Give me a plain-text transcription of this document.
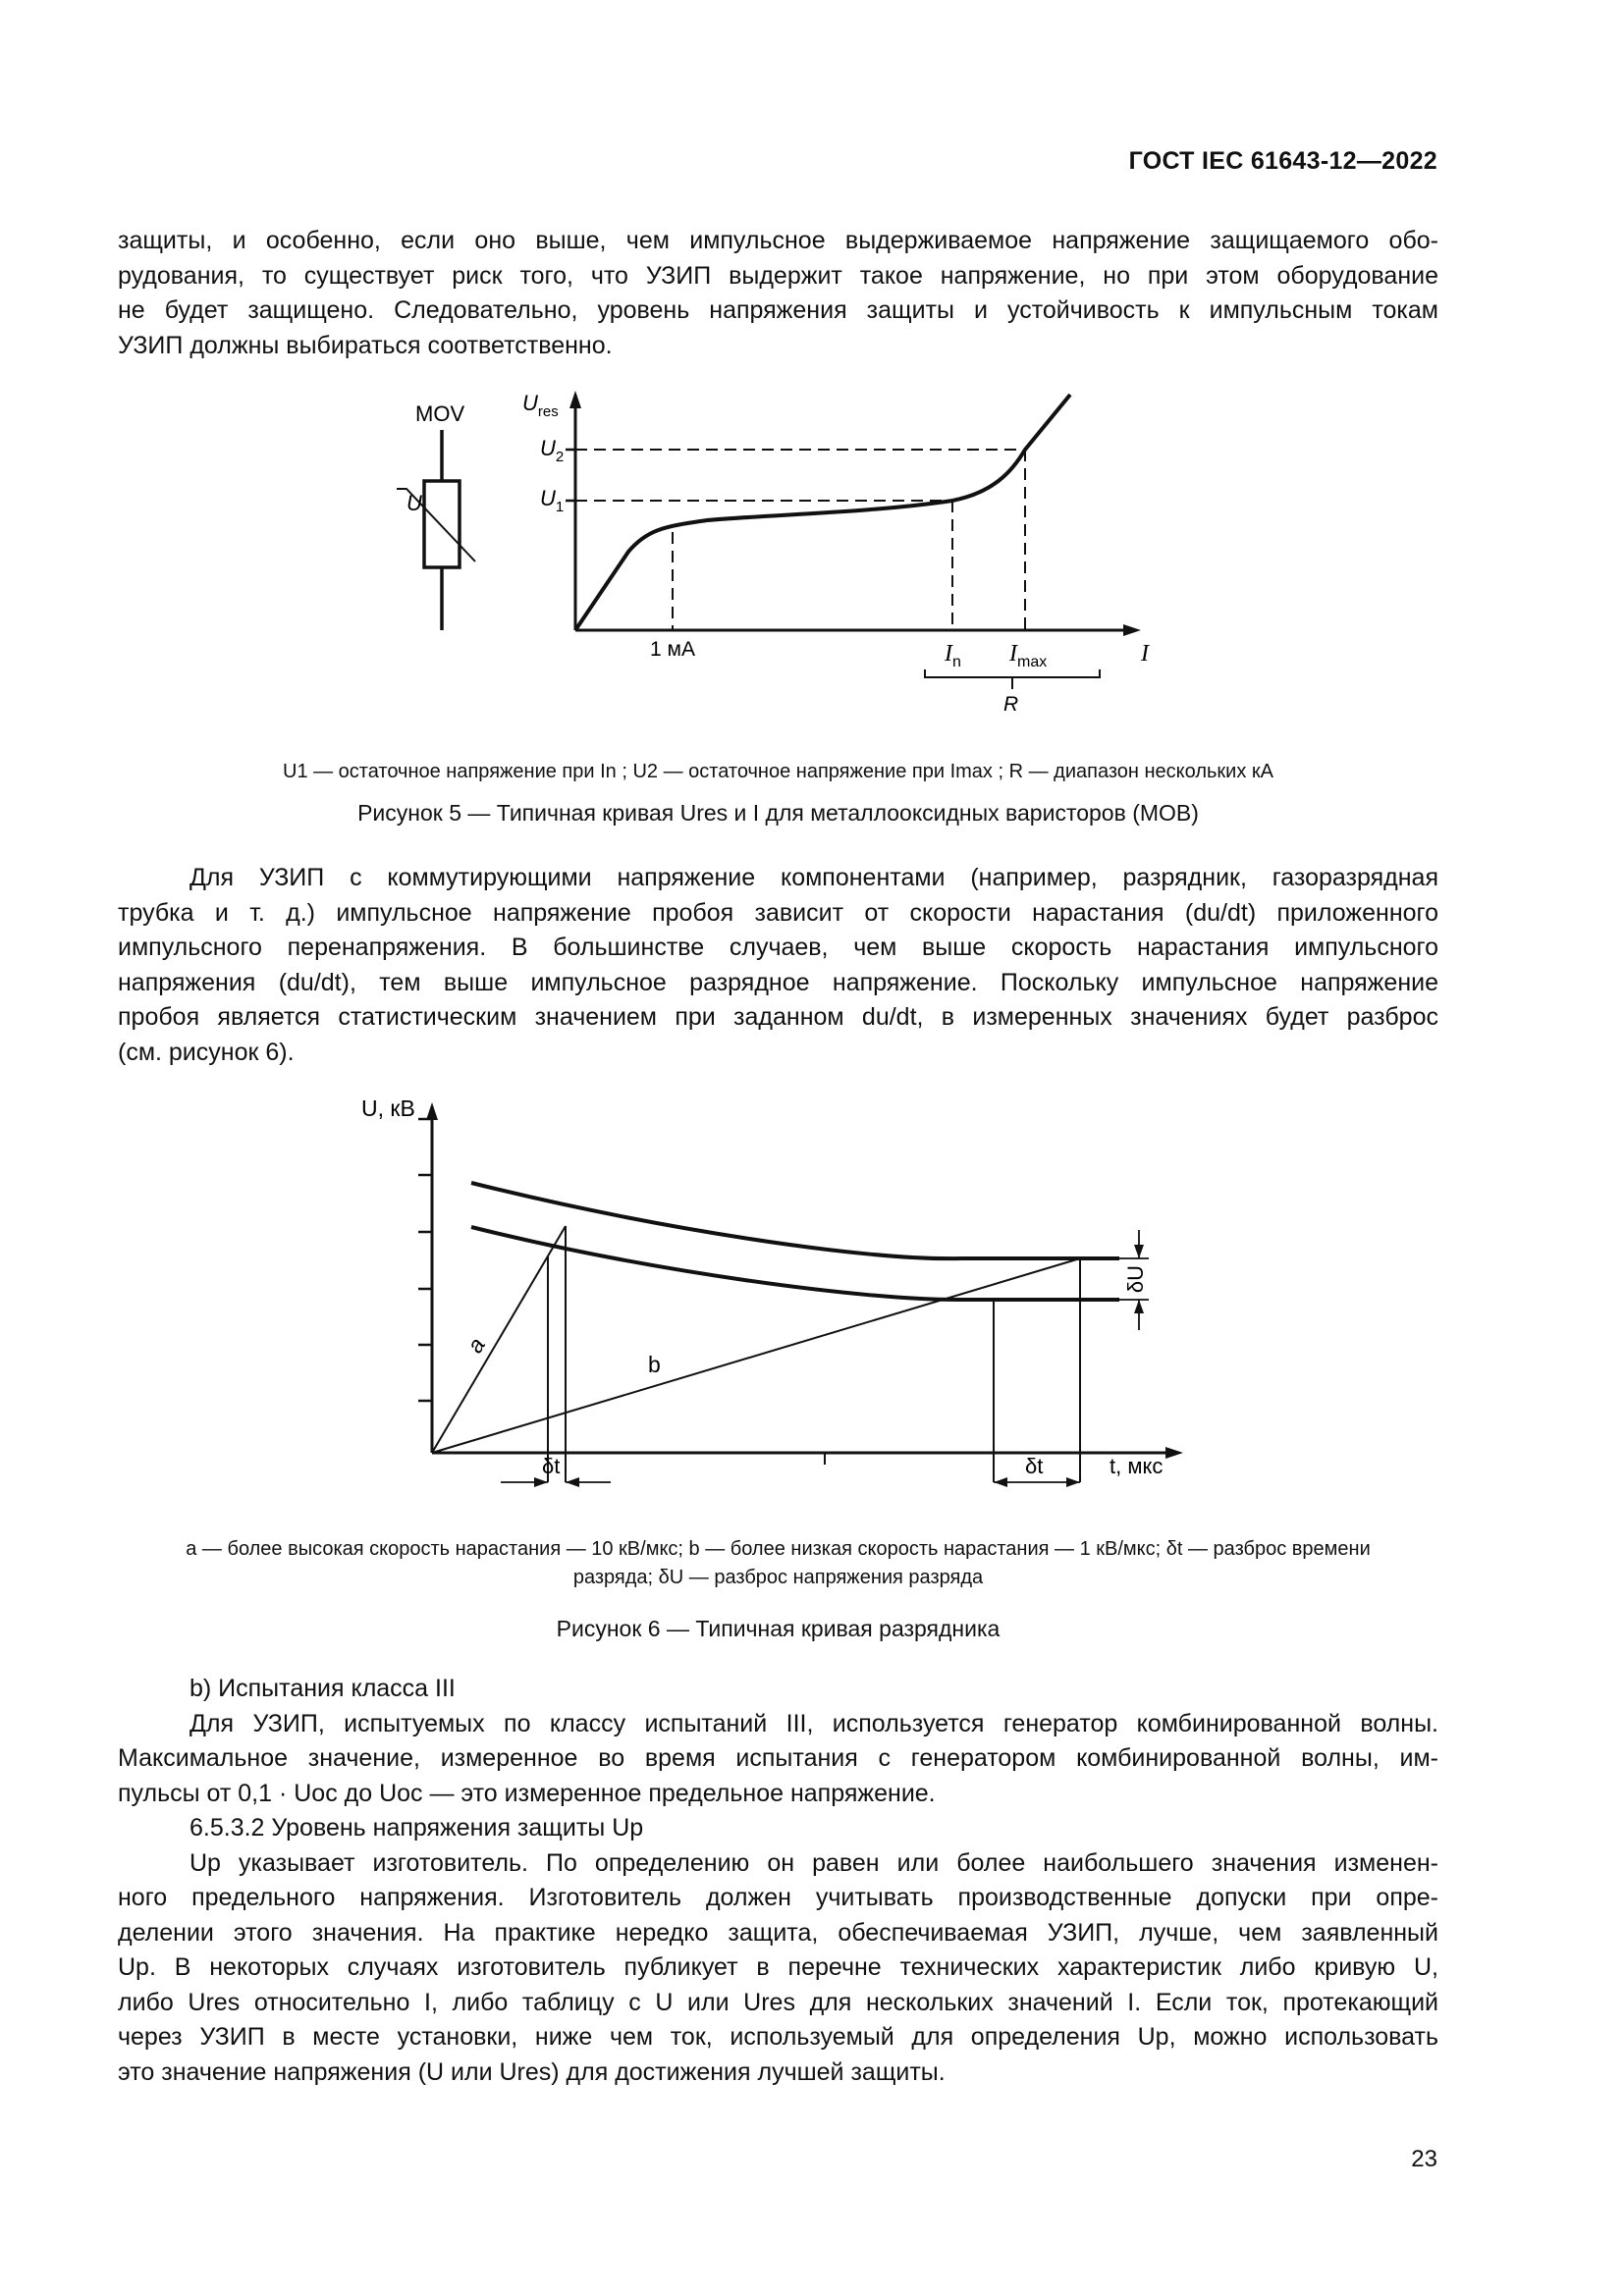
ГОСТ IEC 61643-12—2022
защиты, и особенно, если оно выше, чем импульсное выдерживаемое напряжение защищаемого обо-
рудования, то существует риск того, что УЗИП выдержит такое напряжение, но при этом оборудование
не будет защищено. Следовательно, уровень напряжения защиты и устойчивость к импульсным токам
УЗИП должны выбираться соответственно.
MOV
U
$U_{res}$
$U_2$
$U_1$
1 мА	$I_n$ $I_{max}$	I
R
U1 — остаточное напряжение при In ; U2 — остаточное напряжение при Imax ; R — диапазон нескольких кА
Рисунок 5 — Типичная кривая Ures и I для металлооксидных варисторов (MOB)
Для УЗИП с коммутирующими напряжение компонентами (например, разрядник, газоразрядная
трубка и т. д.) импульсное напряжение пробоя зависит от скорости нарастания (du/dt) приложенного
импульсного перенапряжения. В большинстве случаев, чем выше скорость нарастания импульсного
напряжения (du/dt), тем выше импульсное разрядное напряжение. Поскольку импульсное напряжение
пробоя является статистическим значением при заданном du/dt, в измеренных значениях будет разброс
(см. рисунок 6).
U, кВ
a
b
δt	δt	t, мкс
δU
a — более высокая скорость нарастания — 10 кВ/мкс; b — более низкая скорость нарастания — 1 кВ/мкс; δt — разброс времени
разряда; δU — разброс напряжения разряда
Рисунок 6 — Типичная кривая разрядника
b) Испытания класса III
Для УЗИП, испытуемых по классу испытаний III, используется генератор комбинированной волны.
Максимальное значение, измеренное во время испытания с генератором комбинированной волны, им-
пульсы от 0,1 · Uoc до Uoc — это измеренное предельное напряжение.
6.5.3.2 Уровень напряжения защиты Up
Up указывает изготовитель. По определению он равен или более наибольшего значения изменен-
ного предельного напряжения. Изготовитель должен учитывать производственные допуски при опре-
делении этого значения. На практике нередко защита, обеспечиваемая УЗИП, лучше, чем заявленный
Up. В некоторых случаях изготовитель публикует в перечне технических характеристик либо кривую U,
либо Ures относительно I, либо таблицу с U или Ures для нескольких значений I. Если ток, протекающий
через УЗИП в месте установки, ниже чем ток, используемый для определения Up, можно использовать
это значение напряжения (U или Ures) для достижения лучшей защиты.
23
